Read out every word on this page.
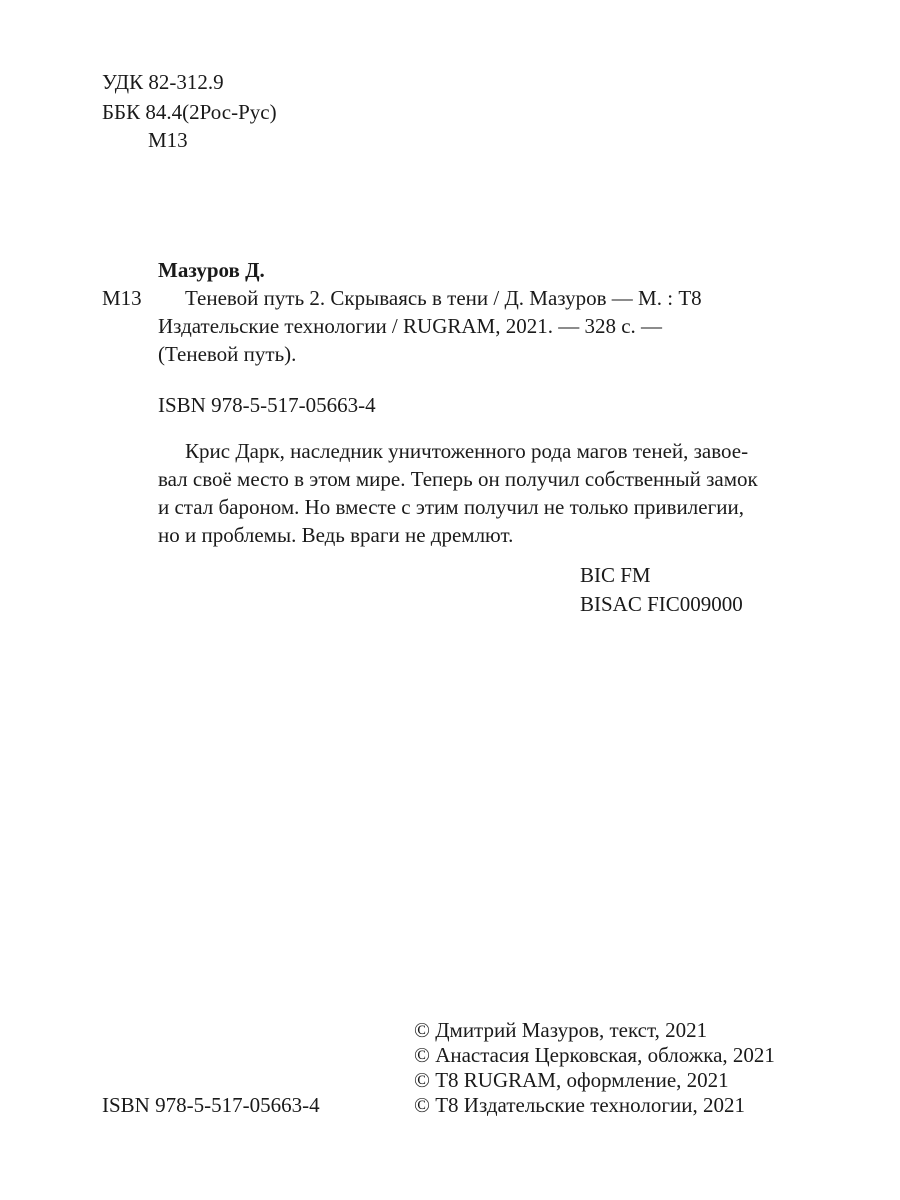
УДК 82-312.9
ББК 84.4(2Рос-Рус)
М13
Мазуров Д.
М13 Теневой путь 2. Скрываясь в тени / Д. Мазуров — М. : Т8
Издательские технологии / RUGRAM, 2021. — 328 с. —
(Теневой путь).
ISBN 978-5-517-05663-4
Крис Дарк, наследник уничтоженного рода магов теней, завое-
вал своё место в этом мире. Теперь он получил собственный замок
и стал бароном. Но вместе с этим получил не только привилегии,
но и проблемы. Ведь враги не дремлют.
BIC FM
BISAC FIC009000
ISBN 978-5-517-05663-4
© Дмитрий Мазуров, текст, 2021
© Анастасия Церковская, обложка, 2021
© Т8 RUGRAM, оформление, 2021
© Т8 Издательские технологии, 2021
